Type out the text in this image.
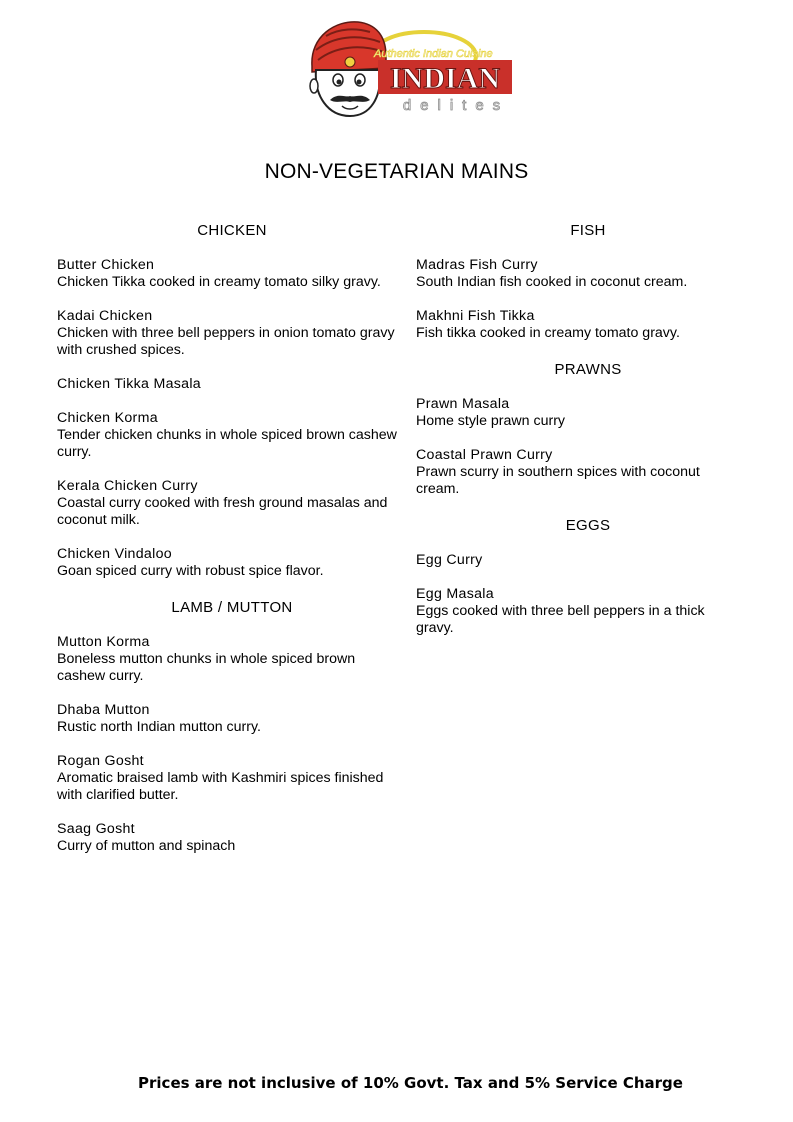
Authentic Indian Cuisine
INDIAN
delites
NON-VEGETARIAN MAINS
CHICKEN
Butter Chicken
Chicken Tikka cooked in creamy tomato silky gravy.
Kadai Chicken
Chicken with three bell peppers in onion tomato gravy with crushed spices.
Chicken Tikka Masala
Chicken Korma
Tender chicken chunks in whole spiced brown cashew curry.
Kerala Chicken Curry
Coastal curry cooked with fresh ground masalas and coconut milk.
Chicken Vindaloo
Goan spiced curry with robust spice flavor.
LAMB / MUTTON
Mutton Korma
Boneless mutton chunks in whole spiced brown cashew curry.
Dhaba Mutton
Rustic north Indian mutton curry.
Rogan Gosht
Aromatic braised lamb with Kashmiri spices finished with clarified butter.
Saag Gosht
Curry of mutton and spinach
FISH
Madras Fish Curry
South Indian fish cooked in coconut cream.
Makhni Fish Tikka
Fish tikka cooked in creamy tomato gravy.
PRAWNS
Prawn Masala
Home style prawn curry
Coastal Prawn Curry
Prawn scurry in southern spices with coconut cream.
EGGS
Egg Curry
Egg Masala
Eggs cooked with three bell peppers in a thick gravy.
Prices are not inclusive of 10% Govt. Tax and 5% Service Charge
